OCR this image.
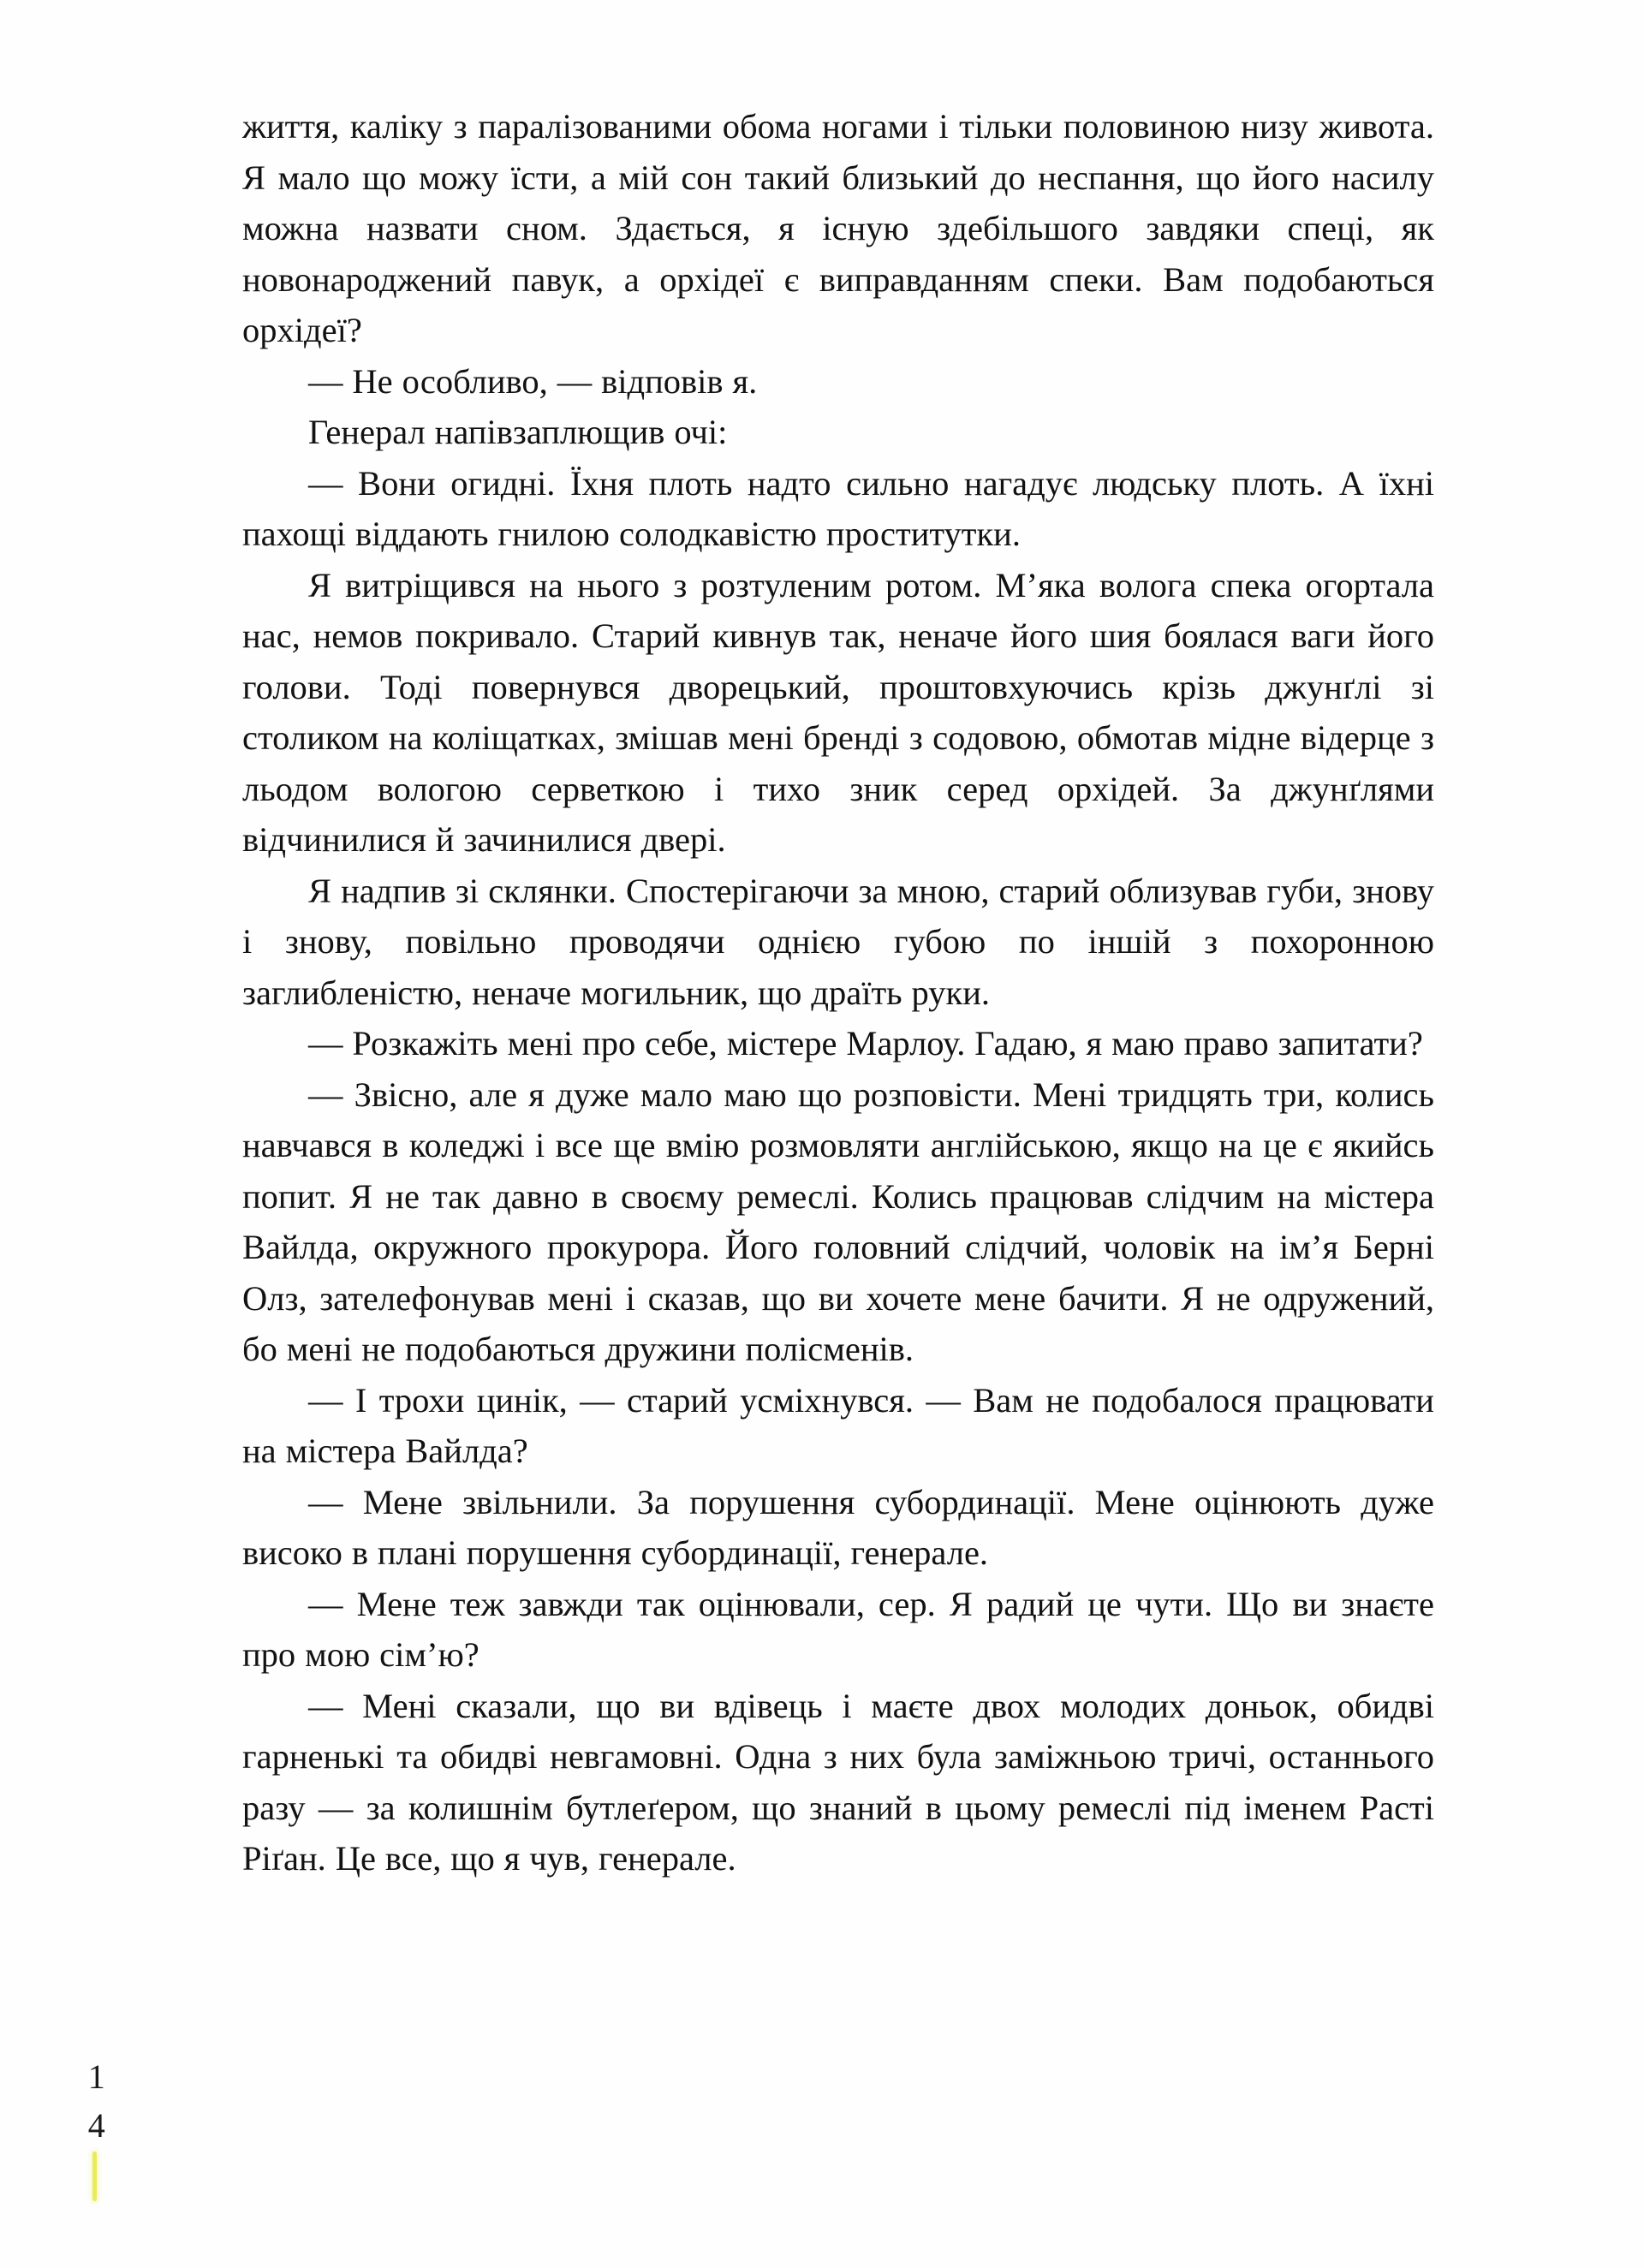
1
4

життя, каліку з паралізованими обома ногами і тільки половиною низу живота. Я мало що можу їсти, а мій сон такий близький до неспання, що його насилу можна назвати сном. Здається, я існую здебільшого завдяки спеці, як новонароджений павук, а орхідеї є виправданням спеки. Вам подобаються орхідеї?

— Не особливо, — відповів я.

Генерал напівзаплющив очі:

— Вони огидні. Їхня плоть надто сильно нагадує людську плоть. А їхні пахощі віддають гнилою солодкавістю проститутки.

Я витріщився на нього з розтуленим ротом. М’яка волога спека огортала нас, немов покривало. Старий кивнув так, неначе його шия боялася ваги його голови. Тоді повернувся дворецький, проштовхуючись крізь джунґлі зі столиком на коліщатках, змішав мені бренді з содовою, обмотав мідне відерце з льодом вологою серветкою і тихо зник серед орхідей. За джунґлями відчинилися й зачинилися двері.

Я надпив зі склянки. Спостерігаючи за мною, старий облизував губи, знову і знову, повільно проводячи однією губою по іншій з похоронною заглибленістю, неначе могильник, що драїть руки.

— Розкажіть мені про себе, містере Марлоу. Гадаю, я маю право запитати?

— Звісно, але я дуже мало маю що розповісти. Мені тридцять три, колись навчався в коледжі і все ще вмію розмовляти англійською, якщо на це є якийсь попит. Я не так давно в своєму ремеслі. Колись працював слідчим на містера Вайлда, окружного прокурора. Його головний слідчий, чоловік на ім’я Берні Олз, зателефонував мені і сказав, що ви хочете мене бачити. Я не одружений, бо мені не подобаються дружини полісменів.

— І трохи цинік, — старий усміхнувся. — Вам не подобалося працювати на містера Вайлда?

— Мене звільнили. За порушення субординації. Мене оцінюють дуже високо в плані порушення субординації, генерале.

— Мене теж завжди так оцінювали, сер. Я радий це чути. Що ви знаєте про мою сім’ю?

— Мені сказали, що ви вдівець і маєте двох молодих доньок, обидві гарненькі та обидві невгамовні. Одна з них була заміжньою тричі, останнього разу — за колишнім бутлеґером, що знаний в цьому ремеслі під іменем Расті Ріґан. Це все, що я чув, генерале.
